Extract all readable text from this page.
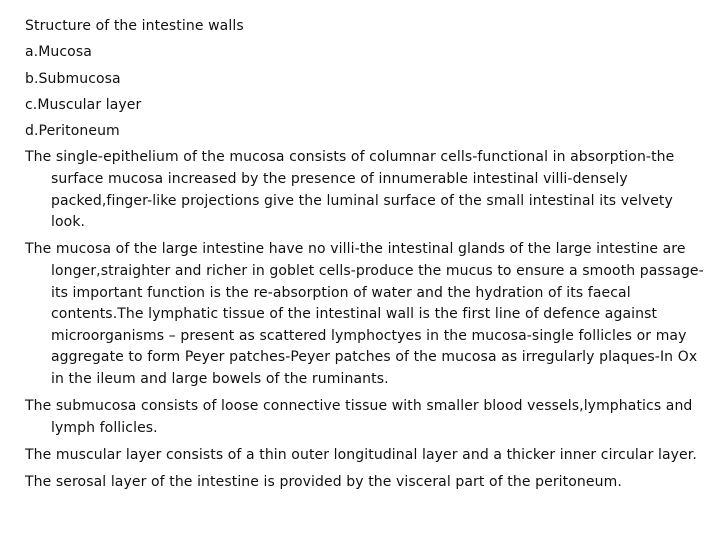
Structure of the intestine walls

a.Mucosa

b.Submucosa

c.Muscular layer

d.Peritoneum

The single-epithelium of the mucosa consists of columnar cells-functional in absorption-the surface mucosa increased by the presence of innumerable intestinal villi-densely packed,finger-like projections give the luminal surface of the small intestinal its velvety look.

The mucosa of the large intestine have no villi-the intestinal glands of the large intestine are longer,straighter and richer in goblet cells-produce the mucus to ensure a smooth passage-its important function is the re-absorption of water and the hydration of its faecal contents.The lymphatic tissue of the intestinal wall is the first line of defence against microorganisms – present as scattered lymphoctyes in the mucosa-single follicles or may aggregate to form Peyer patches-Peyer patches of the mucosa as irregularly plaques-In Ox in the ileum and large bowels of the ruminants.

The submucosa consists of loose connective tissue with smaller blood vessels,lymphatics and lymph follicles.

The muscular layer consists of a thin outer longitudinal layer and a thicker inner circular layer.

The serosal layer of the intestine is provided by the visceral part of the peritoneum.
